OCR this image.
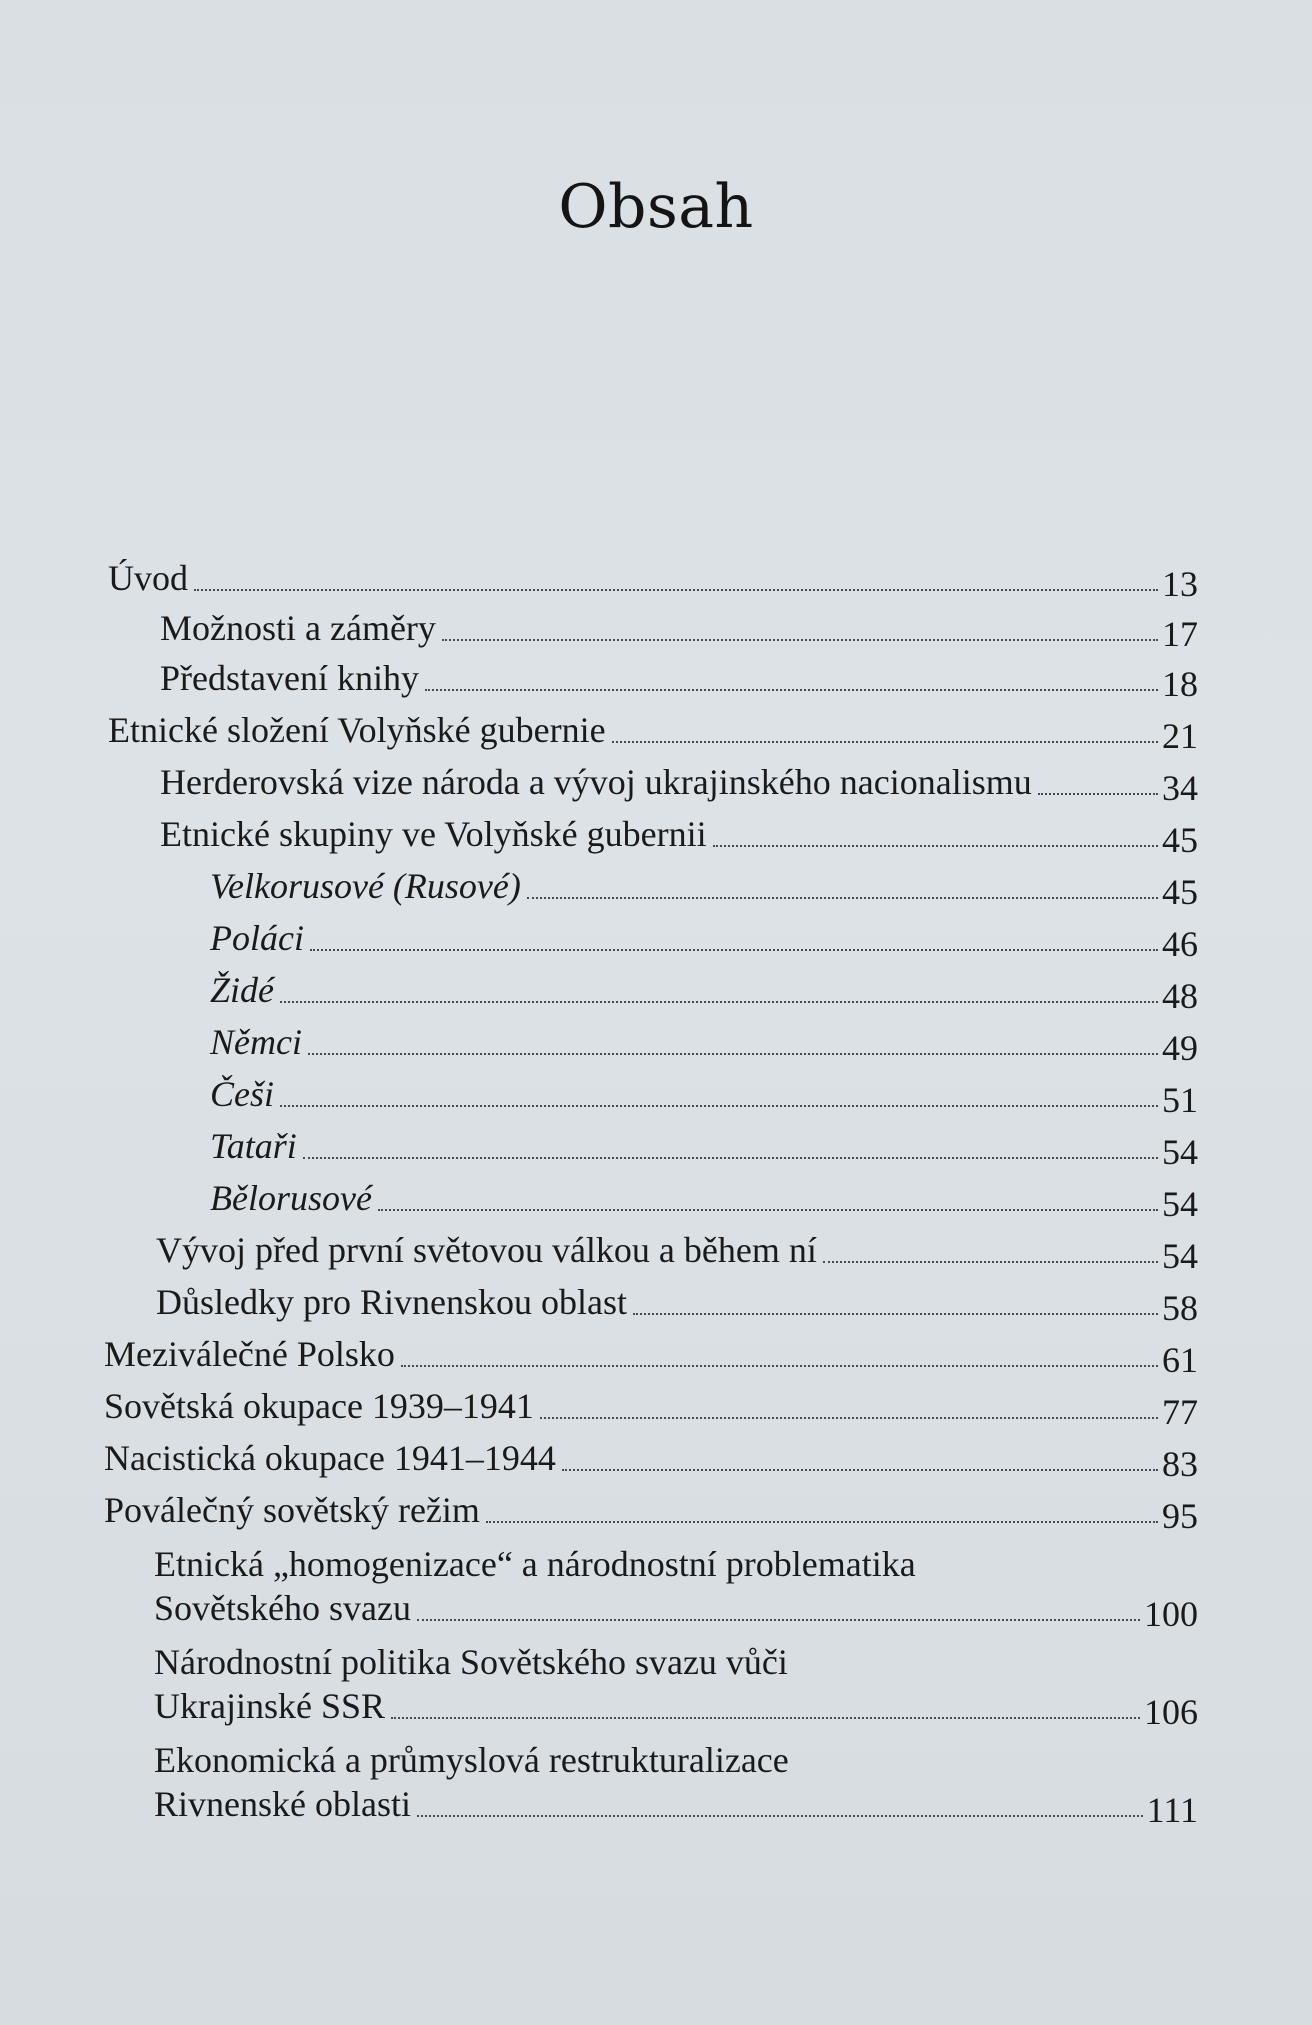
Obsah
Úvod	13
Možnosti a záměry	17
Představení knihy	18
Etnické složení Volyňské gubernie	21
Herderovská vize národa a vývoj ukrajinského nacionalismu	34
Etnické skupiny ve Volyňské gubernii	45
Velkorusové (Rusové)	45
Poláci	46
Židé	48
Němci	49
Češi	51
Tataři	54
Bělorusové	54
Vývoj před první světovou válkou a během ní	54
Důsledky pro Rivnenskou oblast	58
Meziválečné Polsko	61
Sovětská okupace 1939–1941	77
Nacistická okupace 1941–1944	83
Poválečný sovětský režim	95
Etnická „homogenizace“ a národnostní problematika
Sovětského svazu	100
Národnostní politika Sovětského svazu vůči
Ukrajinské SSR	106
Ekonomická a průmyslová restrukturalizace
Rivnenské oblasti	111
